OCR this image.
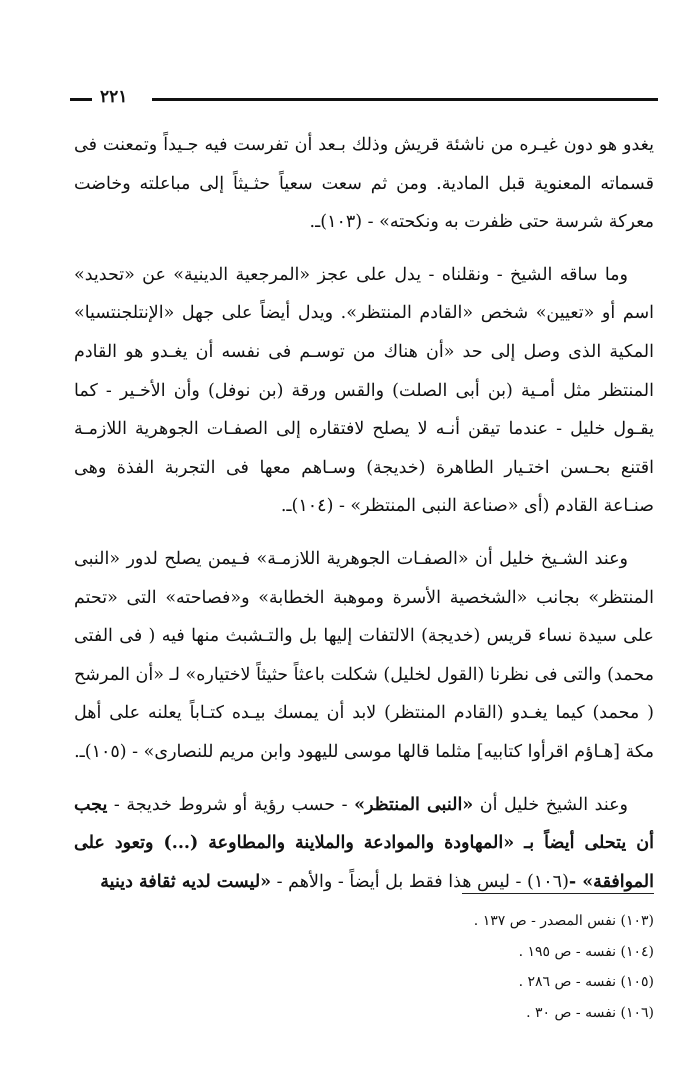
٢٢١

يغدو هو دون غيـره من ناشئة قريش وذلك بـعد أن تفرست فيه جـيداً وتمعنت فى قسماته المعنوية قبل المادية. ومن ثم سعت سعياً حثـيثاً إلى مباعلته وخاضت معركة شرسة حتى ظفرت به ونكحته» - (١٠٣)ـ.

وما ساقه الشيخ - ونقلناه - يدل على عجز «المرجعية الدينية» عن «تحديد» اسم أو «تعيين» شخص «القادم المنتظر». ويدل أيضاً على جهل «الإنتلجنتسيا» المكية الذى وصل إلى حد «أن هناك من توسـم فى نفسه أن يغـدو هو القادم المنتظر مثل أمـية (بن أبى الصلت) والقس ورقة (بن نوفل) وأن الأخـير - كما يقـول خليل - عندما تيقن أنـه لا يصلح لافتقاره إلى الصفـات الجوهرية اللازمـة اقتنع بحـسن اختـيار الطاهرة (خديجة) وسـاهم معها فى التجربة الفذة وهى صنـاعة القادم (أى «صناعة النبى المنتظر» - (١٠٤)ـ.

وعند الشـيخ خليل أن «الصفـات الجوهرية اللازمـة» فـيمن يصلح لدور «النبى المنتظر» بجانب «الشخصية الأسرة وموهبة الخطابة» و«فصاحته» التى «تحتم على سيدة نساء قريس (خديجة) الالتفات إليها بل والتـشبث منها فيه ( فى الفتى محمد) والتى فى نظرنا (القول لخليل) شكلت باعثاً حثيثاً لاختياره» لـ «أن المرشح ( محمد) كيما يغـدو (القادم المنتظر) لابد أن يمسك بيـده كتـاباً يعلنه على أهل مكة [هـاؤم اقرأوا كتابيه] مثلما قالها موسى لليهود وابن مريم للنصارى» - (١٠٥)ـ.

وعند الشيخ خليل أن «النبى المنتظر» - حسب رؤية أو شروط خديجة - يجب أن يتحلى أيضاً بـ «المهاودة والموادعة والملاينة والمطاوعة (...) وتعود على الموافقة» -(١٠٦) - ليس هذا فقط بل أيضاً - والأهم - «ليست لديه ثقافة دينية

(١٠٣) نفس المصدر - ص ١٣٧ .

(١٠٤) نفسه - ص ١٩٥ .

(١٠٥) نفسه - ص ٢٨٦ .

(١٠٦) نفسه - ص ٣٠ .
